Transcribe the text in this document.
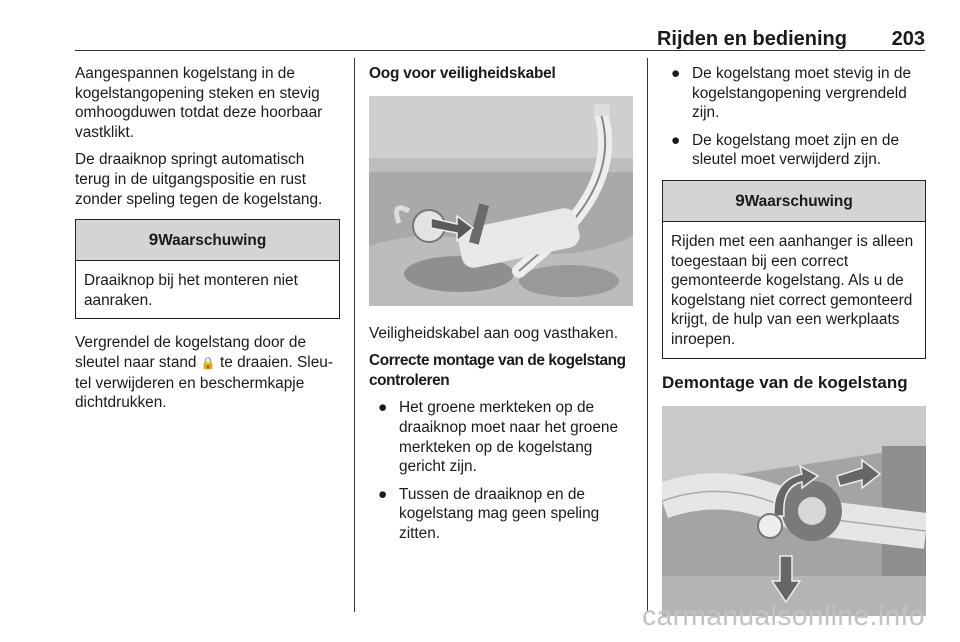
Rijden en bediening 203

Aangespannen kogelstang in de kogelstangopening steken en stevig omhoogduwen totdat deze hoorbaar vastklikt.

De draaiknop springt automatisch terug in de uitgangspositie en rust zonder speling tegen de kogelstang.

9Waarschuwing
Draaiknop bij het monteren niet aanraken.

Vergrendel de kogelstang door de sleutel naar stand 🔒 te draaien. Sleutel verwijderen en beschermkapje dichtdrukken.

Oog voor veiligheidskabel

Veiligheidskabel aan oog vasthaken.

Correcte montage van de kogelstang controleren

● Het groene merkteken op de draaiknop moet naar het groene merkteken op de kogelstang gericht zijn.
● Tussen de draaiknop en de kogelstang mag geen speling zitten.
● De kogelstang moet stevig in de kogelstangopening vergrendeld zijn.
● De kogelstang moet zijn en de sleutel moet verwijderd zijn.
9Waarschuwing
Rijden met een aanhanger is alleen toegestaan bij een correct gemonteerde kogelstang. Als u de kogelstang niet correct gemonteerd krijgt, de hulp van een werkplaats inroepen.
Demontage van de kogelstang
carmanualsonline.info
